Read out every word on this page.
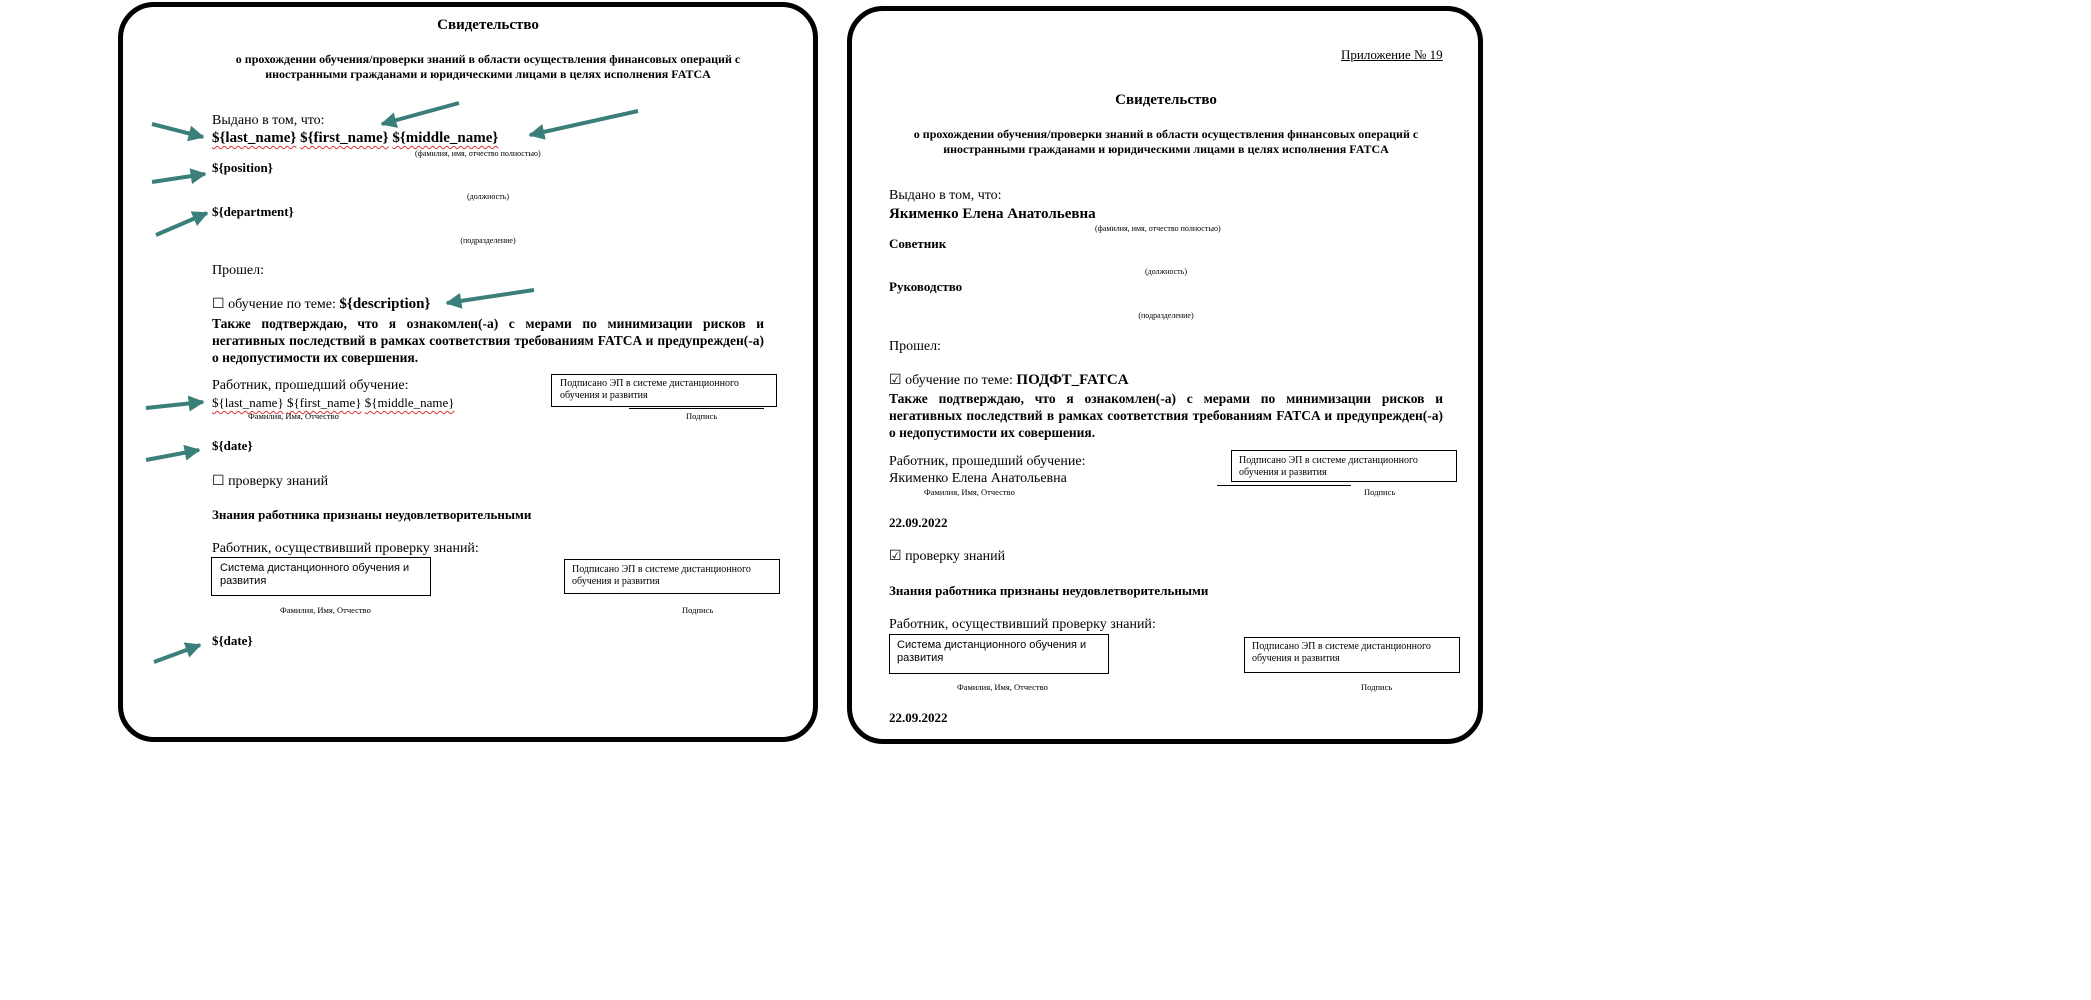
Свидетельство
о прохождении обучения/проверки знаний в области осуществления финансовых операций с
иностранными гражданами и юридическими лицами в целях исполнения FATCA
Выдано в том, что:
${last_name} ${first_name} ${middle_name}
(фамилия, имя, отчество полностью)
${position}
(должность)
${department}
(подразделение)
Прошел:
☐ обучение по теме: ${description}
Также подтверждаю, что я ознакомлен(-а) с мерами по минимизации рисков и негативных последствий в рамках соответствия требованиям FATCA и предупрежден(-а) о недопустимости их совершения.
Работник, прошедший обучение:
${last_name} ${first_name} ${middle_name}
Фамилия, Имя, Отчество
Подписано ЭП в системе дистанционного обучения и развития
Подпись
${date}
☐ проверку знаний
Знания работника признаны неудовлетворительными
Работник, осуществивший проверку знаний:
Система дистанционного обучения и развития
Фамилия, Имя, Отчество
Подписано ЭП в системе дистанционного обучения и развития
Подпись
${date}
Приложение № 19
Свидетельство
о прохождении обучения/проверки знаний в области осуществления финансовых операций с
иностранными гражданами и юридическими лицами в целях исполнения FATCA
Выдано в том, что:
Якименко Елена Анатольевна
(фамилия, имя, отчество полностью)
Советник
(должность)
Руководство
(подразделение)
Прошел:
☑ обучение по теме: ПОДФТ_FATCA
Также подтверждаю, что я ознакомлен(-а) с мерами по минимизации рисков и негативных последствий в рамках соответствия требованиям FATCA и предупрежден(-а) о недопустимости их совершения.
Работник, прошедший обучение:
Якименко Елена Анатольевна
Фамилия, Имя, Отчество
Подписано ЭП в системе дистанционного обучения и развития
Подпись
22.09.2022
☑ проверку знаний
Знания работника признаны неудовлетворительными
Работник, осуществивший проверку знаний:
Система дистанционного обучения и развития
Фамилия, Имя, Отчество
Подписано ЭП в системе дистанционного обучения и развития
Подпись
22.09.2022
